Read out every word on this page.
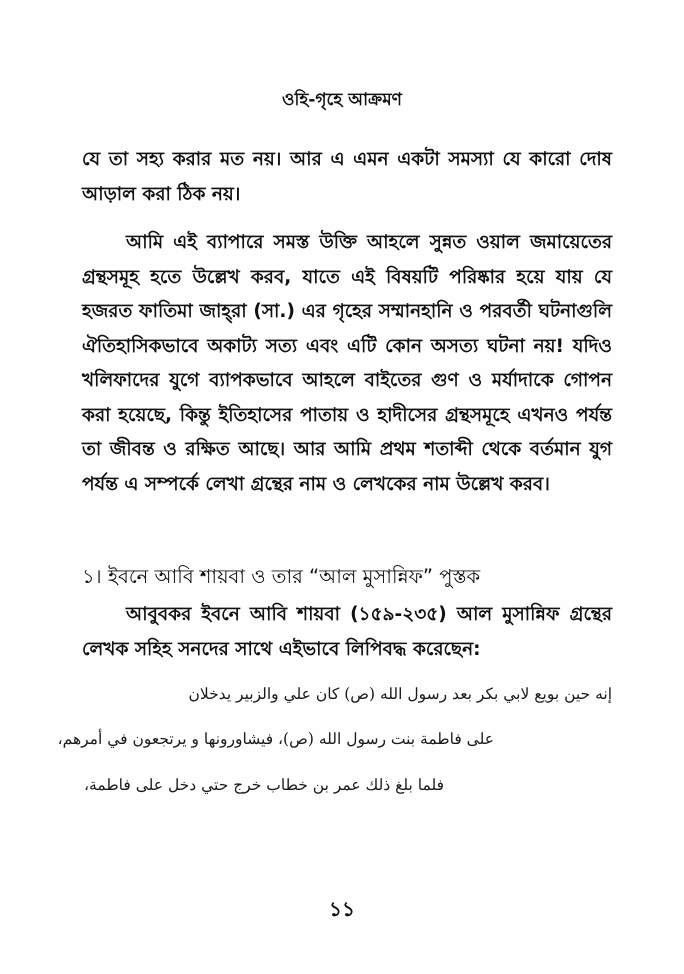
ওহি-গৃহে আক্রমণ
যে তা সহ্য করার মত নয়। আর এ এমন একটা সমস্যা যে কারো দোষ আড়াল করা ঠিক নয়।
আমি এই ব্যাপারে সমস্ত উক্তি আহলে সুন্নত ওয়াল জমায়েতের গ্রন্থসমূহ হতে উল্লেখ করব, যাতে এই বিষয়টি পরিষ্কার হয়ে যায় যে হজরত ফাতিমা জাহ্‌রা (সা.) এর গৃহের সম্মানহানি ও পরবর্তী ঘটনাগুলি ঐতিহাসিকভাবে অকাট্য সত্য এবং এটি কোন অসত্য ঘটনা নয়! যদিও খলিফাদের যুগে ব্যাপকভাবে আহলে বাইতের গুণ ও মর্যাদাকে গোপন করা হয়েছে, কিন্তু ইতিহাসের পাতায় ও হাদীসের গ্রন্থসমূহে এখনও পর্যন্ত তা জীবন্ত ও রক্ষিত আছে। আর আমি প্রথম শতাব্দী থেকে বর্তমান যুগ পর্যন্ত এ সম্পর্কে লেখা গ্রন্থের নাম ও লেখকের নাম উল্লেখ করব।
১। ইবনে আবি শায়বা ও তার “আল মুসান্নিফ” পুস্তক
আবুবকর ইবনে আবি শায়বা (১৫৯-২৩৫) আল মুসান্নিফ গ্রন্থের লেখক সহিহ সনদের সাথে এইভাবে লিপিবদ্ধ করেছেন:
إنه حين بويع لابي بكر بعد رسول الله (ص) كان علي والزبير يدخلان
على فاطمة بنت رسول الله (ص)، فيشاورونها و يرتجعون في أمرهم،
فلما بلغ ذلك عمر بن خطاب خرج حتي دخل على فاطمة،
১১
